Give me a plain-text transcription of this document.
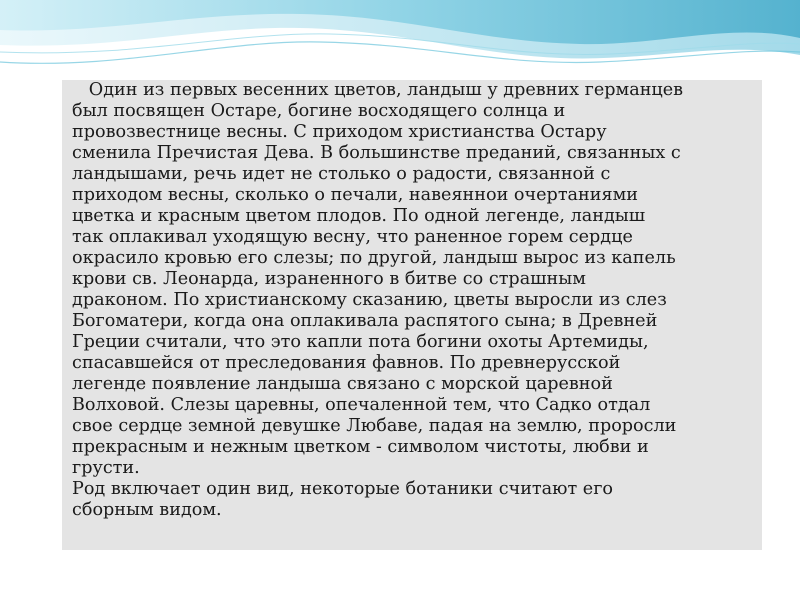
Один из первых весенних цветов, ландыш у древних германцев
был посвящен Остаре, богине восходящего солнца и
провозвестнице весны. С приходом христианства Остару
сменила Пречистая Дева. В большинстве преданий, связанных с
ландышами, речь идет не столько о радости, связанной с
приходом весны, сколько о печали, навеяннои очертаниями
цветка и красным цветом плодов. По одной легенде, ландыш
так оплакивал уходящую весну, что раненное горем сердце
окрасило кровью его слезы; по другой, ландыш вырос из капель
крови св. Леонарда, израненного в битве со страшным
драконом. По христианскому сказанию, цветы выросли из слез
Богоматери, когда она оплакивала распятого сына; в Древней
Греции считали, что это капли пота богини охоты Артемиды,
спасавшейся от преследования фавнов. По древнерусской
легенде появление ландыша связано с морской царевной
Волховой. Слезы царевны, опечаленной тем, что Садко отдал
свое сердце земной девушке Любаве, падая на землю, проросли
прекрасным и нежным цветком - символом чистоты, любви и
грусти.
Род включает один вид, некоторые ботаники считают его
сборным видом.
